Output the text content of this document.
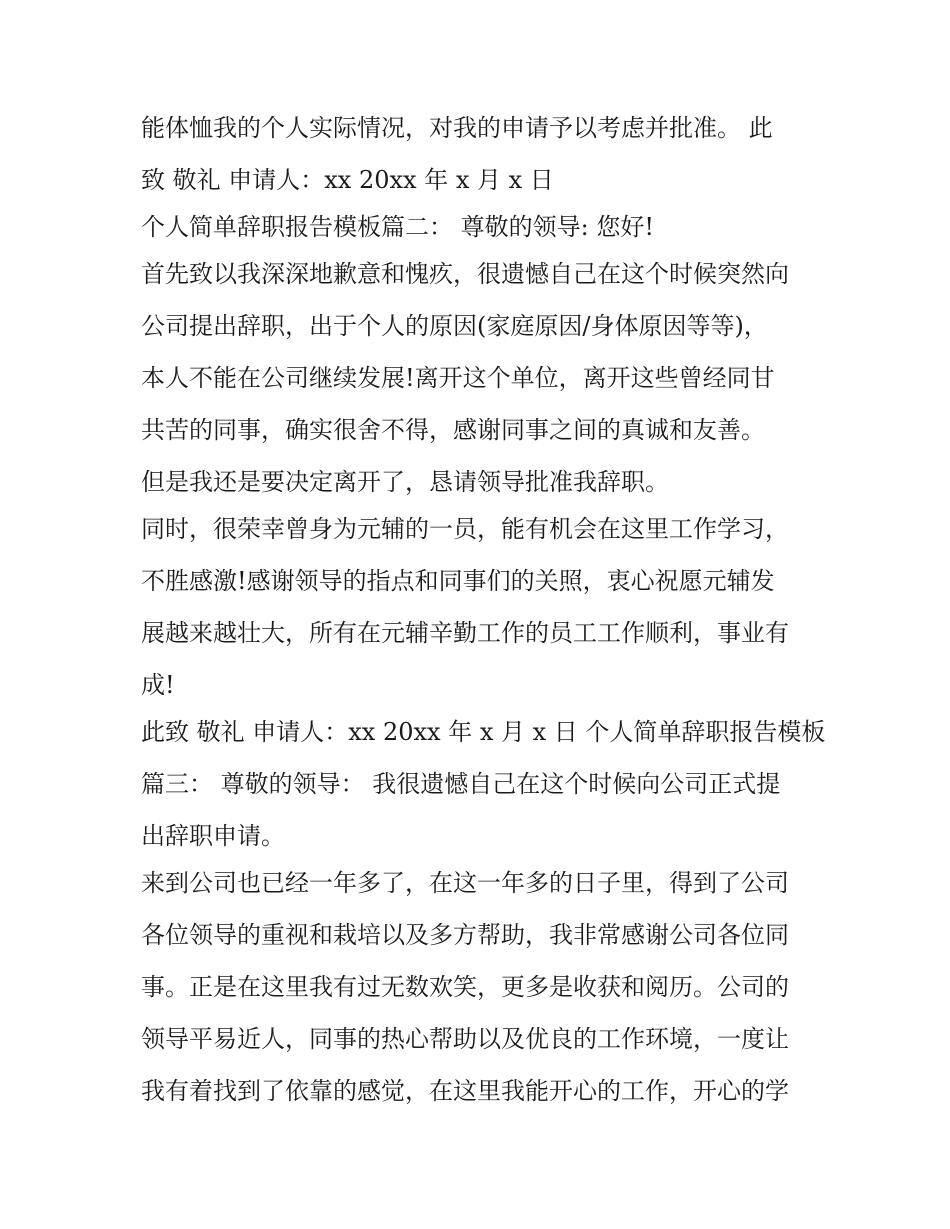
能体恤我的个人实际情况，对我的申请予以考虑并批准。 此
致 敬礼 申请人：xx 20xx 年 x 月 x 日
个人简单辞职报告模板篇二： 尊敬的领导: 您好!
首先致以我深深地歉意和愧疚，很遗憾自己在这个时候突然向
公司提出辞职，出于个人的原因(家庭原因/身体原因等等)，
本人不能在公司继续发展!离开这个单位，离开这些曾经同甘
共苦的同事，确实很舍不得，感谢同事之间的真诚和友善。
但是我还是要决定离开了，恳请领导批准我辞职。
同时，很荣幸曾身为元辅的一员，能有机会在这里工作学习，
不胜感激!感谢领导的指点和同事们的关照，衷心祝愿元辅发
展越来越壮大，所有在元辅辛勤工作的员工工作顺利，事业有
成!
此致 敬礼 申请人：xx 20xx 年 x 月 x 日 个人简单辞职报告模板
篇三： 尊敬的领导： 我很遗憾自己在这个时候向公司正式提
出辞职申请。
来到公司也已经一年多了，在这一年多的日子里，得到了公司
各位领导的重视和栽培以及多方帮助，我非常感谢公司各位同
事。正是在这里我有过无数欢笑，更多是收获和阅历。公司的
领导平易近人，同事的热心帮助以及优良的工作环境，一度让
我有着找到了依靠的感觉，在这里我能开心的工作，开心的学
